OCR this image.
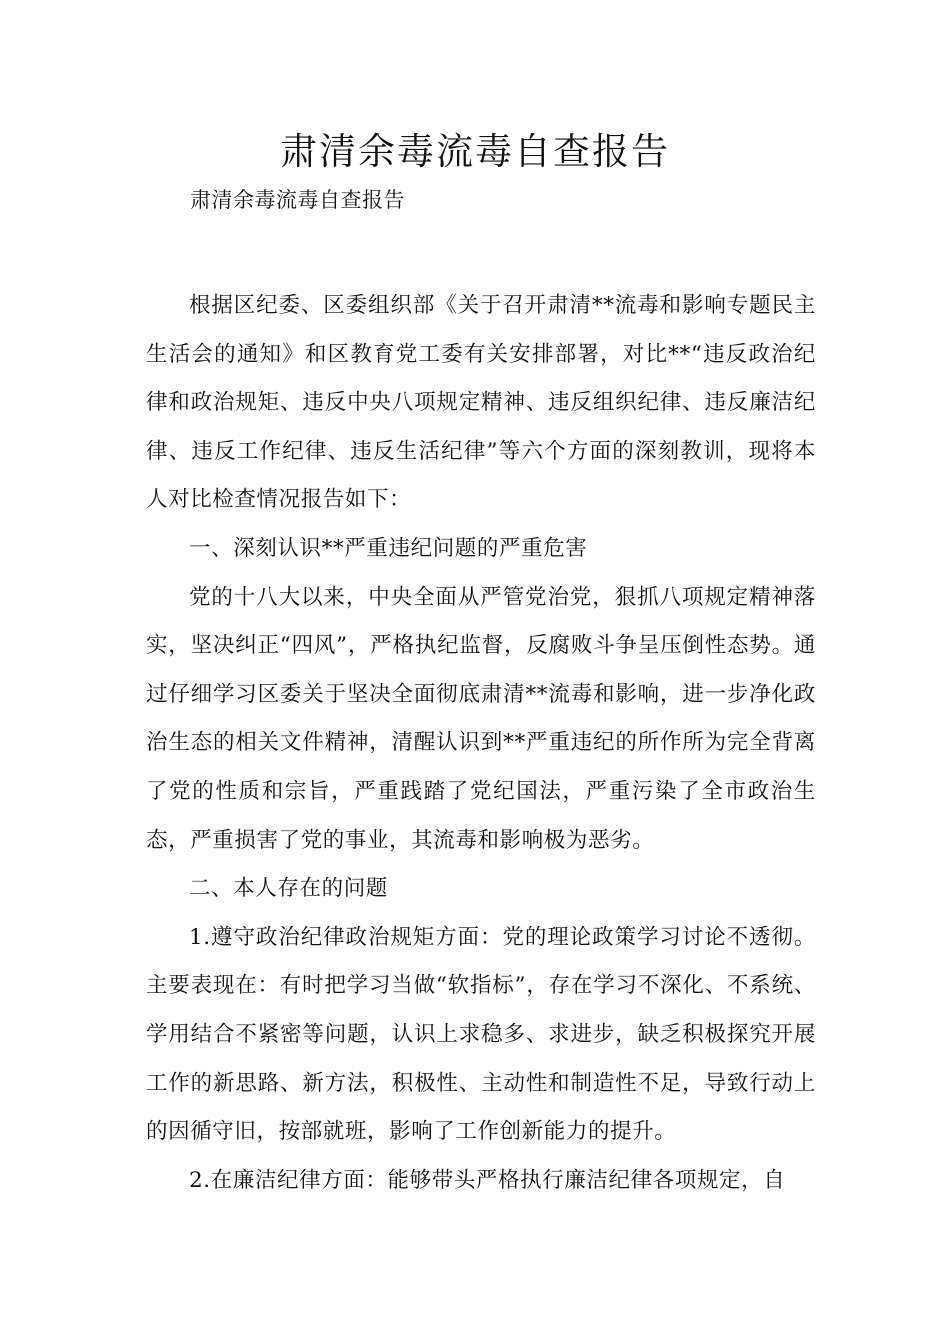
肃清余毒流毒自查报告

肃清余毒流毒自查报告

根据区纪委、区委组织部《关于召开肃清**流毒和影响专题民主生活会的通知》和区教育党工委有关安排部署，对比**“违反政治纪律和政治规矩、违反中央八项规定精神、违反组织纪律、违反廉洁纪律、违反工作纪律、违反生活纪律”等六个方面的深刻教训，现将本人对比检查情况报告如下：

一、深刻认识**严重违纪问题的严重危害

党的十八大以来，中央全面从严管党治党，狠抓八项规定精神落实，坚决纠正“四风”，严格执纪监督，反腐败斗争呈压倒性态势。通过仔细学习区委关于坚决全面彻底肃清**流毒和影响，进一步净化政治生态的相关文件精神，清醒认识到**严重违纪的所作所为完全背离了党的性质和宗旨，严重践踏了党纪国法，严重污染了全市政治生态，严重损害了党的事业，其流毒和影响极为恶劣。

二、本人存在的问题

1.遵守政治纪律政治规矩方面：党的理论政策学习讨论不透彻。主要表现在：有时把学习当做“软指标”，存在学习不深化、不系统、学用结合不紧密等问题，认识上求稳多、求进步，缺乏积极探究开展工作的新思路、新方法，积极性、主动性和制造性不足，导致行动上的因循守旧，按部就班，影响了工作创新能力的提升。

2.在廉洁纪律方面：能够带头严格执行廉洁纪律各项规定，自
